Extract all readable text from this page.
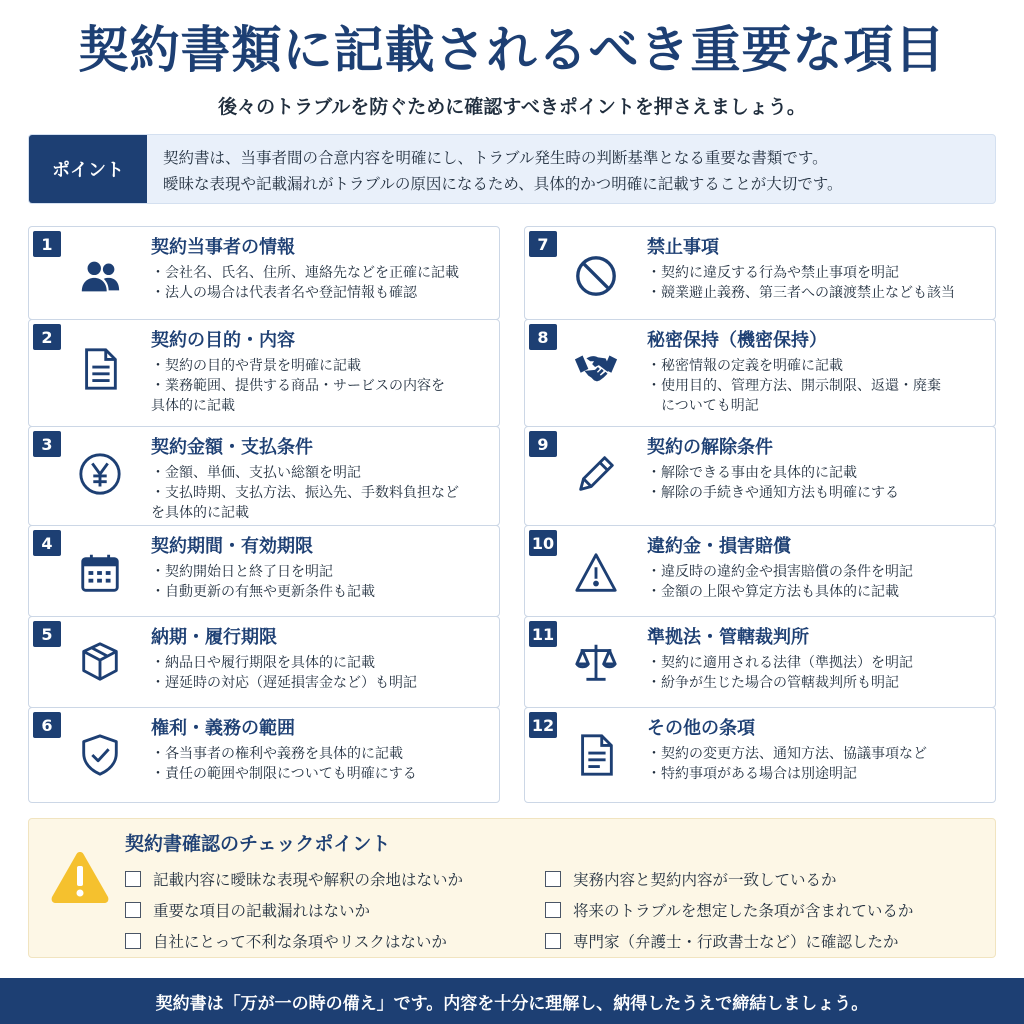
契約書類に記載されるべき重要な項目
後々のトラブルを防ぐために確認すべきポイントを押さえましょう。
ポイント
契約書は、当事者間の合意内容を明確にし、トラブル発生時の判断基準となる重要な書類です。
曖昧な表現や記載漏れがトラブルの原因になるため、具体的かつ明確に記載することが大切です。
1	契約当事者の情報
・会社名、氏名、住所、連絡先などを正確に記載
・法人の場合は代表者名や登記情報も確認
2	契約の目的・内容
・契約の目的や背景を明確に記載
・業務範囲、提供する商品・サービスの内容を
具体的に記載
3	契約金額・支払条件
・金額、単価、支払い総額を明記
・支払時期、支払方法、振込先、手数料負担など
を具体的に記載
4	契約期間・有効期限
・契約開始日と終了日を明記
・自動更新の有無や更新条件も記載
5	納期・履行期限
・納品日や履行期限を具体的に記載
・遅延時の対応（遅延損害金など）も明記
6	権利・義務の範囲
・各当事者の権利や義務を具体的に記載
・責任の範囲や制限についても明確にする
7	禁止事項
・契約に違反する行為や禁止事項を明記
・競業避止義務、第三者への譲渡禁止なども該当
8	秘密保持（機密保持）
・秘密情報の定義を明確に記載
・使用目的、管理方法、開示制限、返還・廃棄
　についても明記
9	契約の解除条件
・解除できる事由を具体的に記載
・解除の手続きや通知方法も明確にする
10	違約金・損害賠償
・違反時の違約金や損害賠償の条件を明記
・金額の上限や算定方法も具体的に記載
11	準拠法・管轄裁判所
・契約に適用される法律（準拠法）を明記
・紛争が生じた場合の管轄裁判所も明記
12	その他の条項
・契約の変更方法、通知方法、協議事項など
・特約事項がある場合は別途明記
契約書確認のチェックポイント
記載内容に曖昧な表現や解釈の余地はないか
重要な項目の記載漏れはないか
自社にとって不利な条項やリスクはないか
実務内容と契約内容が一致しているか
将来のトラブルを想定した条項が含まれているか
専門家（弁護士・行政書士など）に確認したか
契約書は「万が一の時の備え」です。内容を十分に理解し、納得したうえで締結しましょう。
